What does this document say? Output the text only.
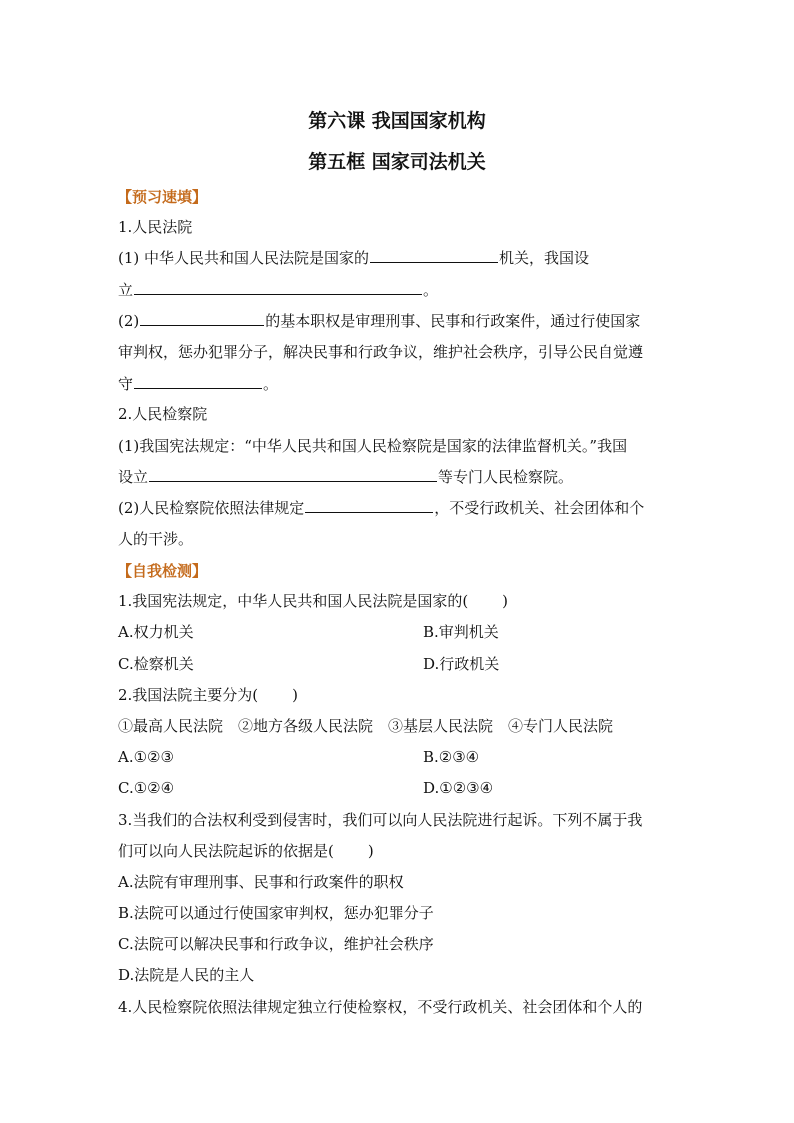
第六课 我国国家机构
第五框 国家司法机关
【预习速填】
1.人民法院
(1) 中华人民共和国人民法院是国家的	机关，我国设
立	。
(2)	的基本职权是审理刑事、民事和行政案件，通过行使国家
审判权，惩办犯罪分子，解决民事和行政争议，维护社会秩序，引导公民自觉遵
守	。
2.人民检察院
(1)我国宪法规定：“中华人民共和国人民检察院是国家的法律监督机关。”我国
设立	等专门人民检察院。
(2)人民检察院依照法律规定	，不受行政机关、社会团体和个
人的干涉。
【自我检测】
1.我国宪法规定，中华人民共和国人民法院是国家的( )
A.权力机关	B.审判机关
C.检察机关	D.行政机关
2.我国法院主要分为( )
①最高人民法院　②地方各级人民法院　③基层人民法院　④专门人民法院
A.①②③	B.②③④
C.①②④	D.①②③④
3.当我们的合法权利受到侵害时，我们可以向人民法院进行起诉。下列不属于我
们可以向人民法院起诉的依据是( )
A.法院有审理刑事、民事和行政案件的职权
B.法院可以通过行使国家审判权，惩办犯罪分子
C.法院可以解决民事和行政争议，维护社会秩序
D.法院是人民的主人
4.人民检察院依照法律规定独立行使检察权，不受行政机关、社会团体和个人的
